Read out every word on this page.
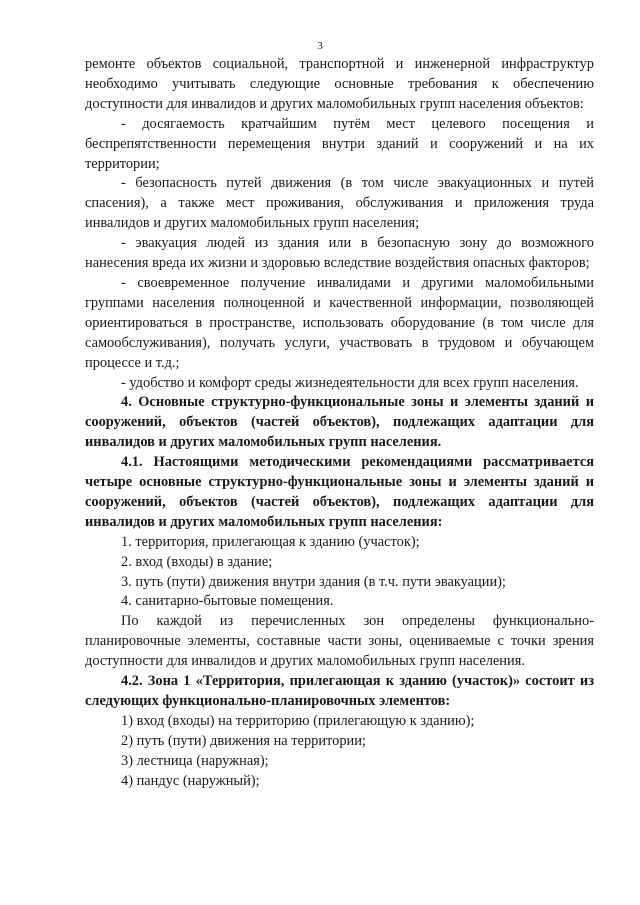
3

ремонте объектов социальной, транспортной и инженерной инфраструктур необходимо учитывать следующие основные требования к обеспечению доступности для инвалидов и других маломобильных групп населения объектов:

- досягаемость кратчайшим путём мест целевого посещения и беспрепятственности перемещения внутри зданий и сооружений и на их территории;

- безопасность путей движения (в том числе эвакуационных и путей спасения), а также мест проживания, обслуживания и приложения труда инвалидов и других маломобильных групп населения;

- эвакуация людей из здания или в безопасную зону до возможного нанесения вреда их жизни и здоровью вследствие воздействия опасных факторов;

- своевременное получение инвалидами и другими маломобильными группами населения полноценной и качественной информации, позволяющей ориентироваться в пространстве, использовать оборудование (в том числе для самообслуживания), получать услуги, участвовать в трудовом и обучающем процессе и т.д.;

- удобство и комфорт среды жизнедеятельности для всех групп населения.

4. Основные структурно-функциональные зоны и элементы зданий и сооружений, объектов (частей объектов), подлежащих адаптации для инвалидов и других маломобильных групп населения.

4.1. Настоящими методическими рекомендациями рассматривается четыре основные структурно-функциональные зоны и элементы зданий и сооружений, объектов (частей объектов), подлежащих адаптации для инвалидов и других маломобильных групп населения:

1. территория, прилегающая к зданию (участок);

2. вход (входы) в здание;

3. путь (пути) движения внутри здания (в т.ч. пути эвакуации);

4. санитарно-бытовые помещения.

По каждой из перечисленных зон определены функционально-планировочные элементы, составные части зоны, оцениваемые с точки зрения доступности для инвалидов и других маломобильных групп населения.

4.2. Зона 1 «Территория, прилегающая к зданию (участок)» состоит из следующих функционально-планировочных элементов:

1) вход (входы) на территорию (прилегающую к зданию);

2) путь (пути) движения на территории;

3) лестница (наружная);

4) пандус (наружный);
